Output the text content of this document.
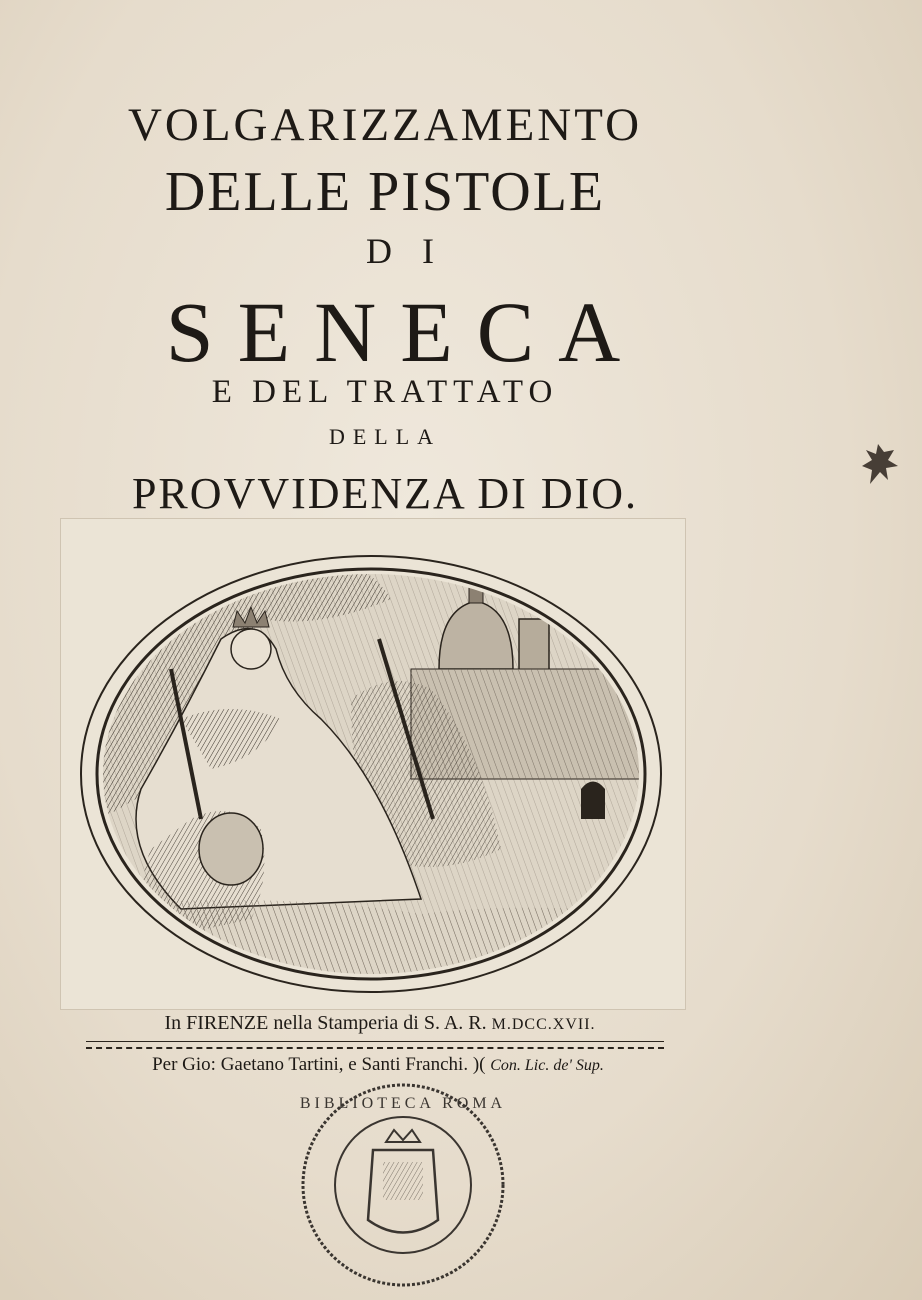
VOLGARIZZAMENTO
DELLE PISTOLE
DI
SENECA
E DEL TRATTATO
DELLA
PROVVIDENZA DI DIO.
In FIRENZE nella Stamperia di S. A. R. M.DCC.XVII.
Per Gio: Gaetano Tartini, e Santi Franchi. )( Con. Lic. de' Sup.
BIBLIOTECA ROMA
